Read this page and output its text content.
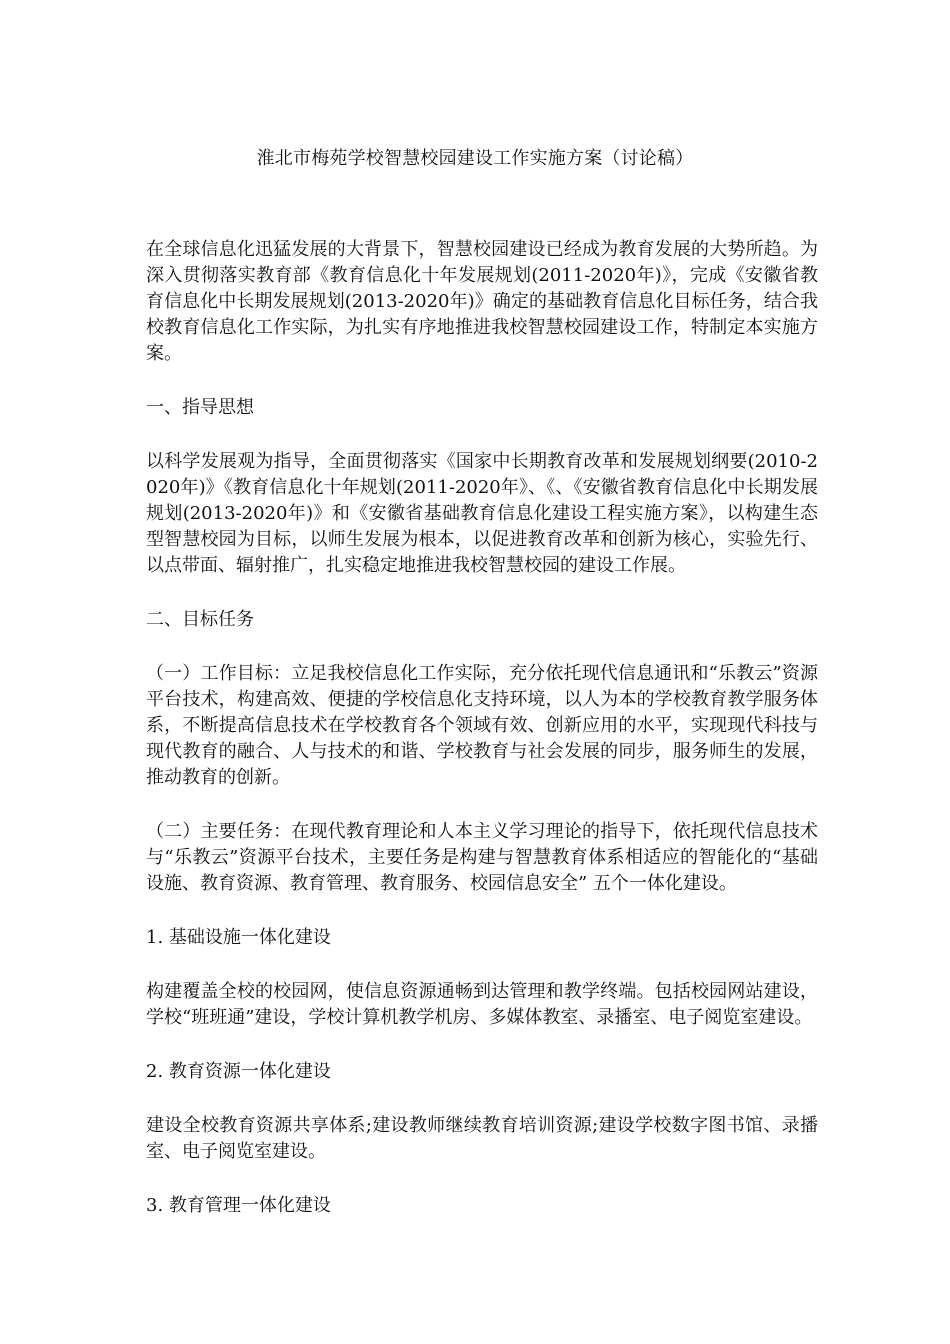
淮北市梅苑学校智慧校园建设工作实施方案（讨论稿）

在全球信息化迅猛发展的大背景下，智慧校园建设已经成为教育发展的大势所趋。为深入贯彻落实教育部《教育信息化十年发展规划(2011-2020年)》，完成《安徽省教育信息化中长期发展规划(2013-2020年)》确定的基础教育信息化目标任务，结合我校教育信息化工作实际，为扎实有序地推进我校智慧校园建设工作，特制定本实施方案。

一、指导思想

以科学发展观为指导，全面贯彻落实《国家中长期教育改革和发展规划纲要(2010-2020年)》《教育信息化十年规划(2011-2020年》、《、《安徽省教育信息化中长期发展规划(2013-2020年)》和《安徽省基础教育信息化建设工程实施方案》，以构建生态型智慧校园为目标，以师生发展为根本，以促进教育改革和创新为核心，实验先行、以点带面、辐射推广，扎实稳定地推进我校智慧校园的建设工作展。

二、目标任务

（一）工作目标：立足我校信息化工作实际，充分依托现代信息通讯和“乐教云”资源平台技术，构建高效、便捷的学校信息化支持环境，以人为本的学校教育教学服务体系，不断提高信息技术在学校教育各个领域有效、创新应用的水平，实现现代科技与现代教育的融合、人与技术的和谐、学校教育与社会发展的同步，服务师生的发展，推动教育的创新。

（二）主要任务：在现代教育理论和人本主义学习理论的指导下，依托现代信息技术与“乐教云”资源平台技术，主要任务是构建与智慧教育体系相适应的智能化的“基础设施、教育资源、教育管理、教育服务、校园信息安全” 五个一体化建设。

1. 基础设施一体化建设

构建覆盖全校的校园网，使信息资源通畅到达管理和教学终端。包括校园网站建设，学校“班班通”建设，学校计算机教学机房、多媒体教室、录播室、电子阅览室建设。

2. 教育资源一体化建设

建设全校教育资源共享体系;建设教师继续教育培训资源;建设学校数字图书馆、录播室、电子阅览室建设。

3. 教育管理一体化建设
